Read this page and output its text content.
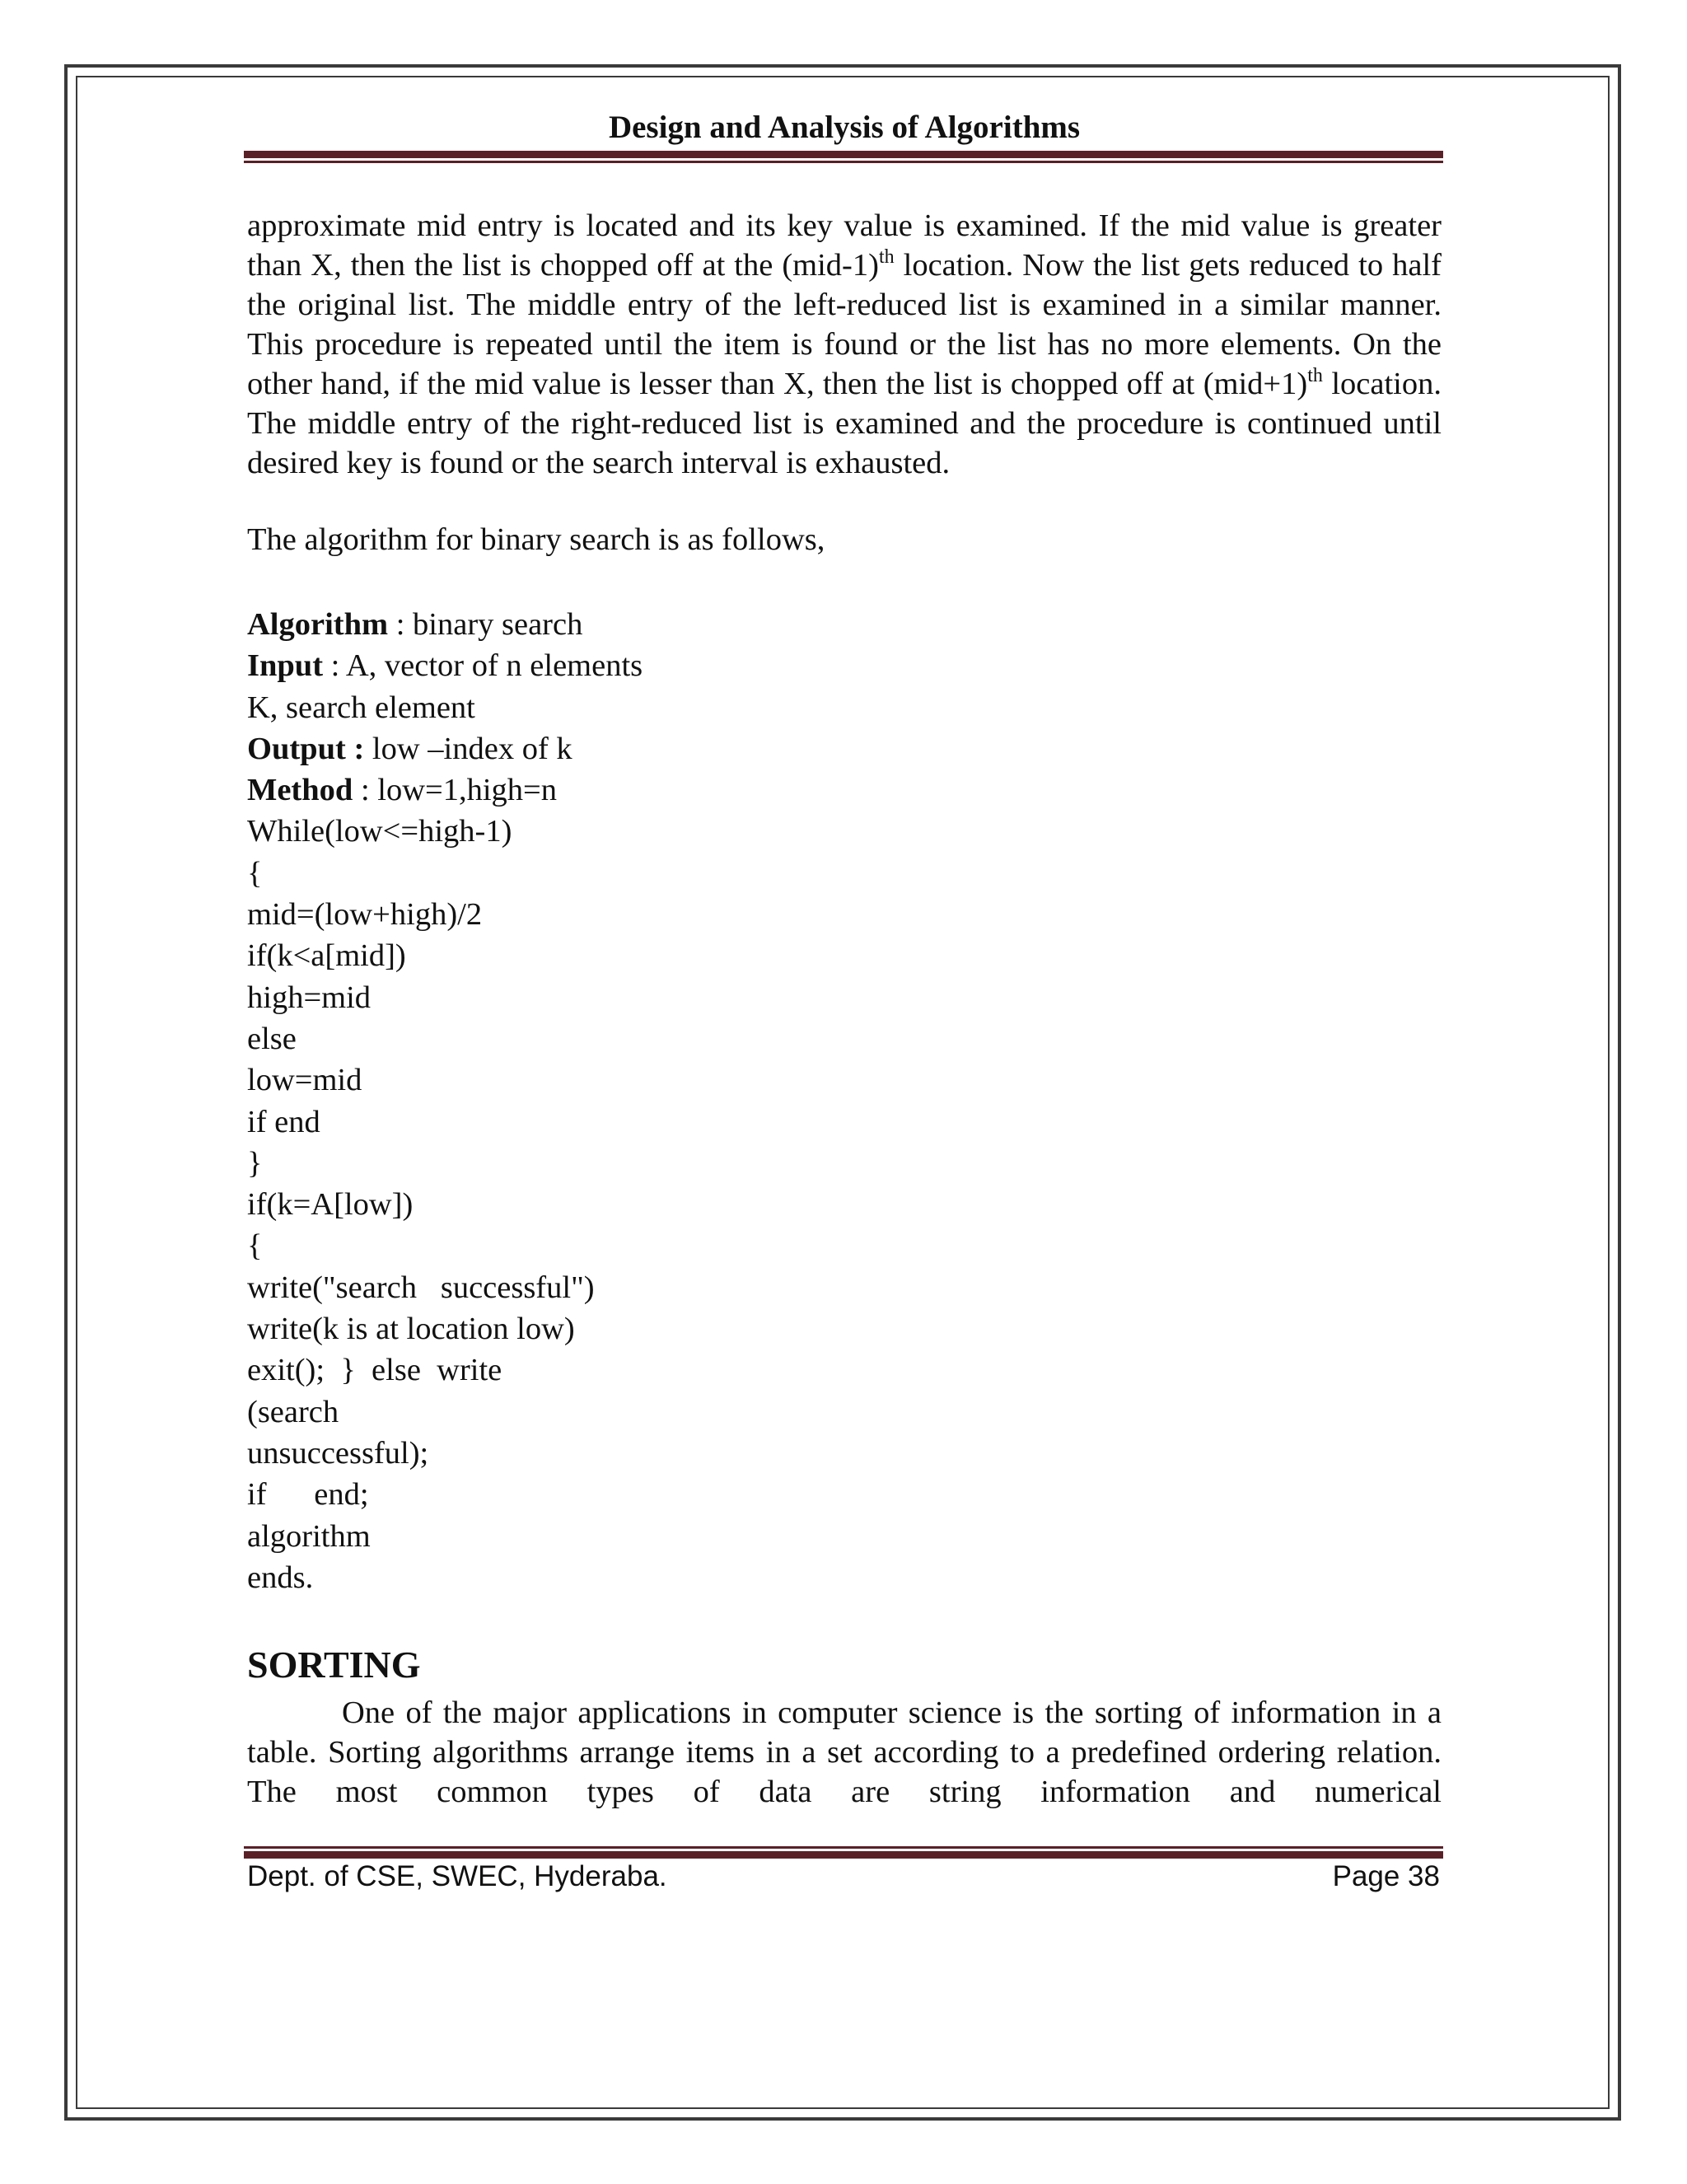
Design and Analysis of Algorithms

approximate mid entry is located and its key value is examined. If the mid value is greater than X, then the list is chopped off at the $(mid-1)^{th}$ location. Now the list gets reduced to half the original list. The middle entry of the left-reduced list is examined in a similar manner. This procedure is repeated until the item is found or the list has no more elements. On the other hand, if the mid value is lesser than X, then the list is chopped off at $(mid+1)^{th}$ location. The middle entry of the right-reduced list is examined and the procedure is continued until desired key is found or the search interval is exhausted.

The algorithm for binary search is as follows,

Algorithm : binary search
Input : A, vector of n elements
K, search element
Output : low –index of k
Method : low=1,high=n
While(low<=high-1)
{
mid=(low+high)/2
if(k<a[mid])
high=mid
else
low=mid
if end
}
if(k=A[low])
{
write("search   successful")
write(k is at location low)
exit();  }  else  write
(search
unsuccessful);
if      end;
algorithm
ends.
SORTING

One of the major applications in computer science is the sorting of information in a table. Sorting algorithms arrange items in a set according to a predefined ordering relation. The most common types of data are string information and numerical

Dept. of CSE, SWEC, Hyderaba.	Page 38
